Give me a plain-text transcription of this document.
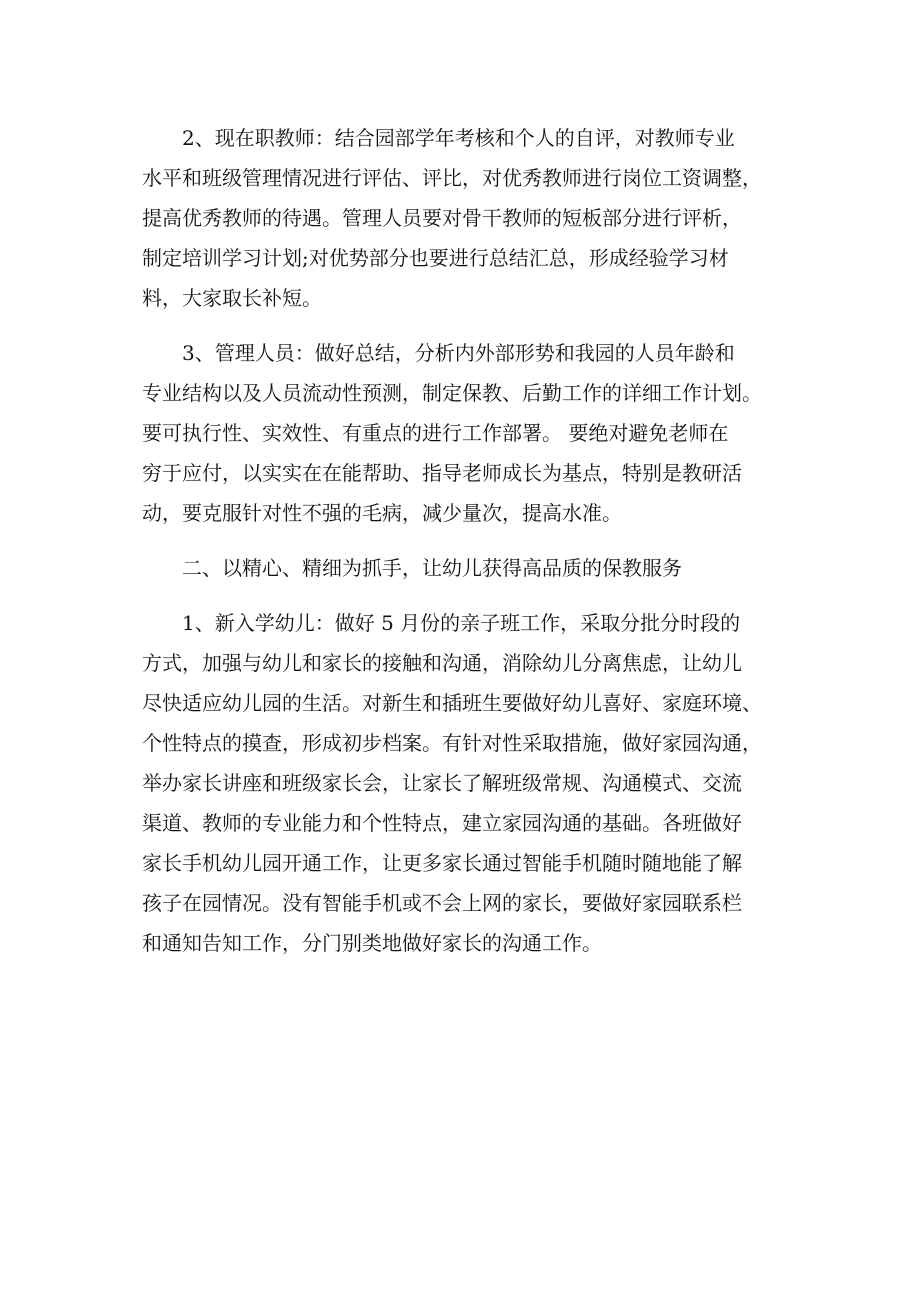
2、现在职教师：结合园部学年考核和个人的自评，对教师专业
水平和班级管理情况进行评估、评比，对优秀教师进行岗位工资调整，
提高优秀教师的待遇。管理人员要对骨干教师的短板部分进行评析，
制定培训学习计划;对优势部分也要进行总结汇总，形成经验学习材
料，大家取长补短。
3、管理人员：做好总结，分析内外部形势和我园的人员年龄和
专业结构以及人员流动性预测，制定保教、后勤工作的详细工作计划。
要可执行性、实效性、有重点的进行工作部署。 要绝对避免老师在
穷于应付，以实实在在能帮助、指导老师成长为基点，特别是教研活
动，要克服针对性不强的毛病，减少量次，提高水准。
二、以精心、精细为抓手，让幼儿获得高品质的保教服务
1、新入学幼儿：做好 5 月份的亲子班工作，采取分批分时段的
方式，加强与幼儿和家长的接触和沟通，消除幼儿分离焦虑，让幼儿
尽快适应幼儿园的生活。对新生和插班生要做好幼儿喜好、家庭环境、
个性特点的摸查，形成初步档案。有针对性采取措施，做好家园沟通，
举办家长讲座和班级家长会，让家长了解班级常规、沟通模式、交流
渠道、教师的专业能力和个性特点，建立家园沟通的基础。各班做好
家长手机幼儿园开通工作，让更多家长通过智能手机随时随地能了解
孩子在园情况。没有智能手机或不会上网的家长，要做好家园联系栏
和通知告知工作，分门别类地做好家长的沟通工作。
